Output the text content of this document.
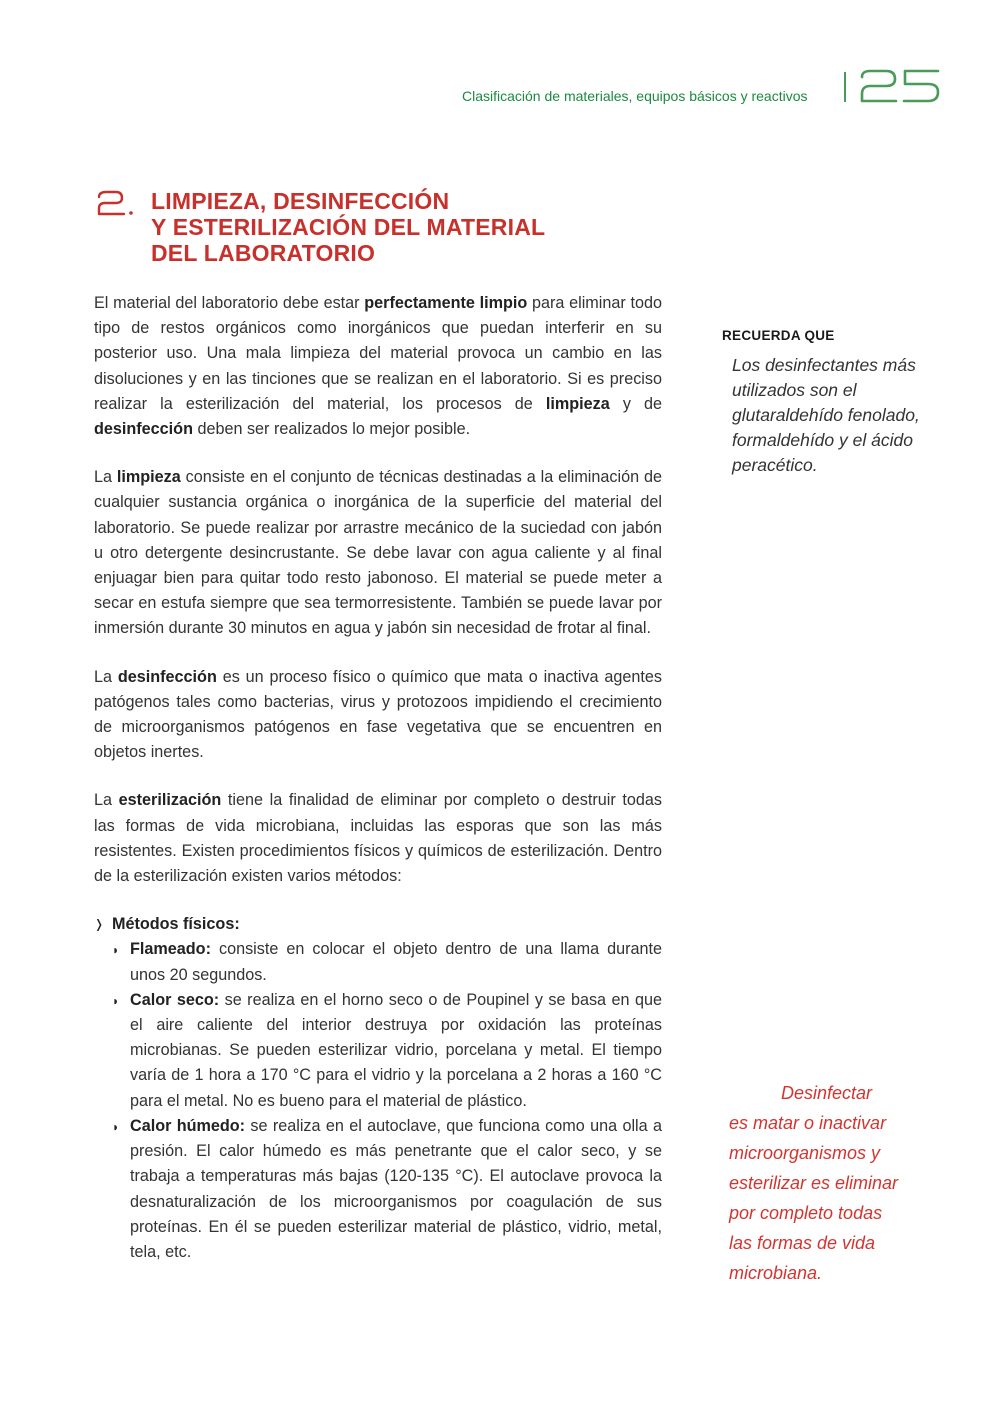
Clasificación de materiales, equipos básicos y reactivos
LIMPIEZA, DESINFECCIÓN
Y ESTERILIZACIÓN DEL MATERIAL
DEL LABORATORIO

El material del laboratorio debe estar perfectamente limpio para eliminar todo tipo de restos orgánicos como inorgánicos que puedan interferir en su posterior uso. Una mala limpieza del material provoca un cambio en las disoluciones y en las tinciones que se realizan en el laboratorio. Si es preciso realizar la esterilización del material, los procesos de limpieza y de desinfección deben ser realizados lo mejor posible.

La limpieza consiste en el conjunto de técnicas destinadas a la eliminación de cualquier sustancia orgánica o inorgánica de la superficie del material del laboratorio. Se puede realizar por arrastre mecánico de la suciedad con jabón u otro detergente desincrustante. Se debe lavar con agua caliente y al final enjuagar bien para quitar todo resto jabonoso. El material se puede meter a secar en estufa siempre que sea termorresistente. También se puede lavar por inmersión durante 30 minutos en agua y jabón sin necesidad de frotar al final.

La desinfección es un proceso físico o químico que mata o inactiva agentes patógenos tales como bacterias, virus y protozoos impidiendo el crecimiento de microorganismos patógenos en fase vegetativa que se encuentren en objetos inertes.

La esterilización tiene la finalidad de eliminar por completo o destruir todas las formas de vida microbiana, incluidas las esporas que son las más resistentes. Existen procedimientos físicos y químicos de esterilización. Dentro de la esterilización existen varios métodos:

❭ Métodos físicos:
◗ Flameado: consiste en colocar el objeto dentro de una llama durante unos 20 segundos.
◗ Calor seco: se realiza en el horno seco o de Poupinel y se basa en que el aire caliente del interior destruya por oxidación las proteínas microbianas. Se pueden esterilizar vidrio, porcelana y metal. El tiempo varía de 1 hora a 170 °C para el vidrio y la porcelana a 2 horas a 160 °C para el metal. No es bueno para el material de plástico.
◗ Calor húmedo: se realiza en el autoclave, que funciona como una olla a presión. El calor húmedo es más penetrante que el calor seco, y se trabaja a temperaturas más bajas (120-135 °C). El autoclave provoca la desnaturalización de los microorganismos por coagulación de sus proteínas. En él se pueden esterilizar material de plástico, vidrio, metal, tela, etc.
RECUERDA QUE
Los desinfectantes más utilizados son el glutaraldehído fenolado, formaldehído y el ácido peracético.
Desinfectar
es matar o inactivar
microorganismos y
esterilizar es eliminar
por completo todas
las formas de vida
microbiana.
